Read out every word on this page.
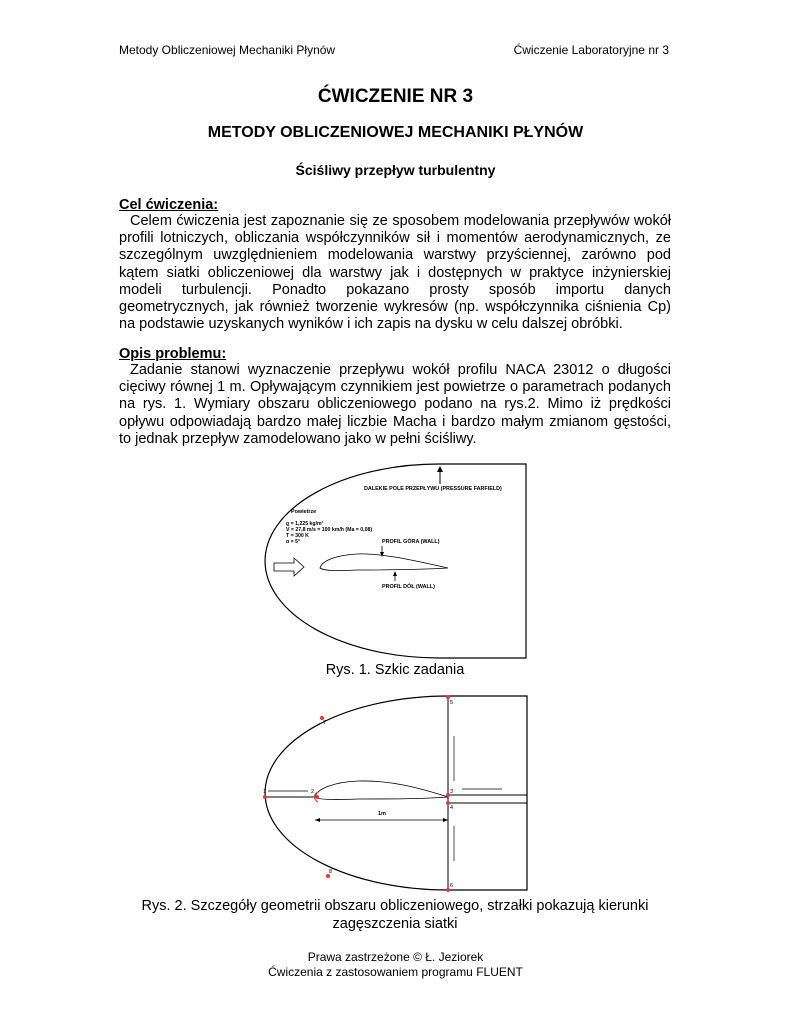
Metody Obliczeniowej Mechaniki Płynów	Ćwiczenie Laboratoryjne nr 3
ĆWICZENIE NR 3
METODY OBLICZENIOWEJ MECHANIKI PŁYNÓW
Ściśliwy przepływ turbulentny
Cel ćwiczenia:
Celem ćwiczenia jest zapoznanie się ze sposobem modelowania przepływów wokół profili lotniczych, obliczania współczynników sił i momentów aerodynamicznych, ze szczególnym uwzględnieniem modelowania warstwy przyściennej, zarówno pod kątem siatki obliczeniowej dla warstwy jak i dostępnych w praktyce inżynierskiej modeli turbulencji. Ponadto pokazano prosty sposób importu danych geometrycznych, jak również tworzenie wykresów (np. współczynnika ciśnienia Cp) na podstawie uzyskanych wyników i ich zapis na dysku w celu dalszej obróbki.
Opis problemu:
Zadanie stanowi wyznaczenie przepływu wokół profilu NACA 23012 o długości cięciwy równej 1 m. Opływającym czynnikiem jest powietrze o parametrach podanych na rys. 1. Wymiary obszaru obliczeniowego podano na rys.2. Mimo iż prędkości opływu odpowiadają bardzo małej liczbie Macha i bardzo małym zmianom gęstości, to jednak przepływ zamodelowano jako w pełni ściśliwy.
DALEKIE POLE PRZEPŁYWU (PRESSURE FARFIELD)
Powietrze
ϱ = 1,225 kg/m³
V = 27,8 m/s = 100 km/h (Ma = 0,08)
T = 300 K
α = 5°	PROFIL GÓRA (WALL)
PROFIL DÓŁ (WALL)
Rys. 1. Szkic zadania
1m
1	2	3
4
5
6
7
8
Rys. 2. Szczegóły geometrii obszaru obliczeniowego, strzałki pokazują kierunki
zagęszczenia siatki
Prawa zastrzeżone © Ł. Jeziorek
Ćwiczenia z zastosowaniem programu FLUENT
